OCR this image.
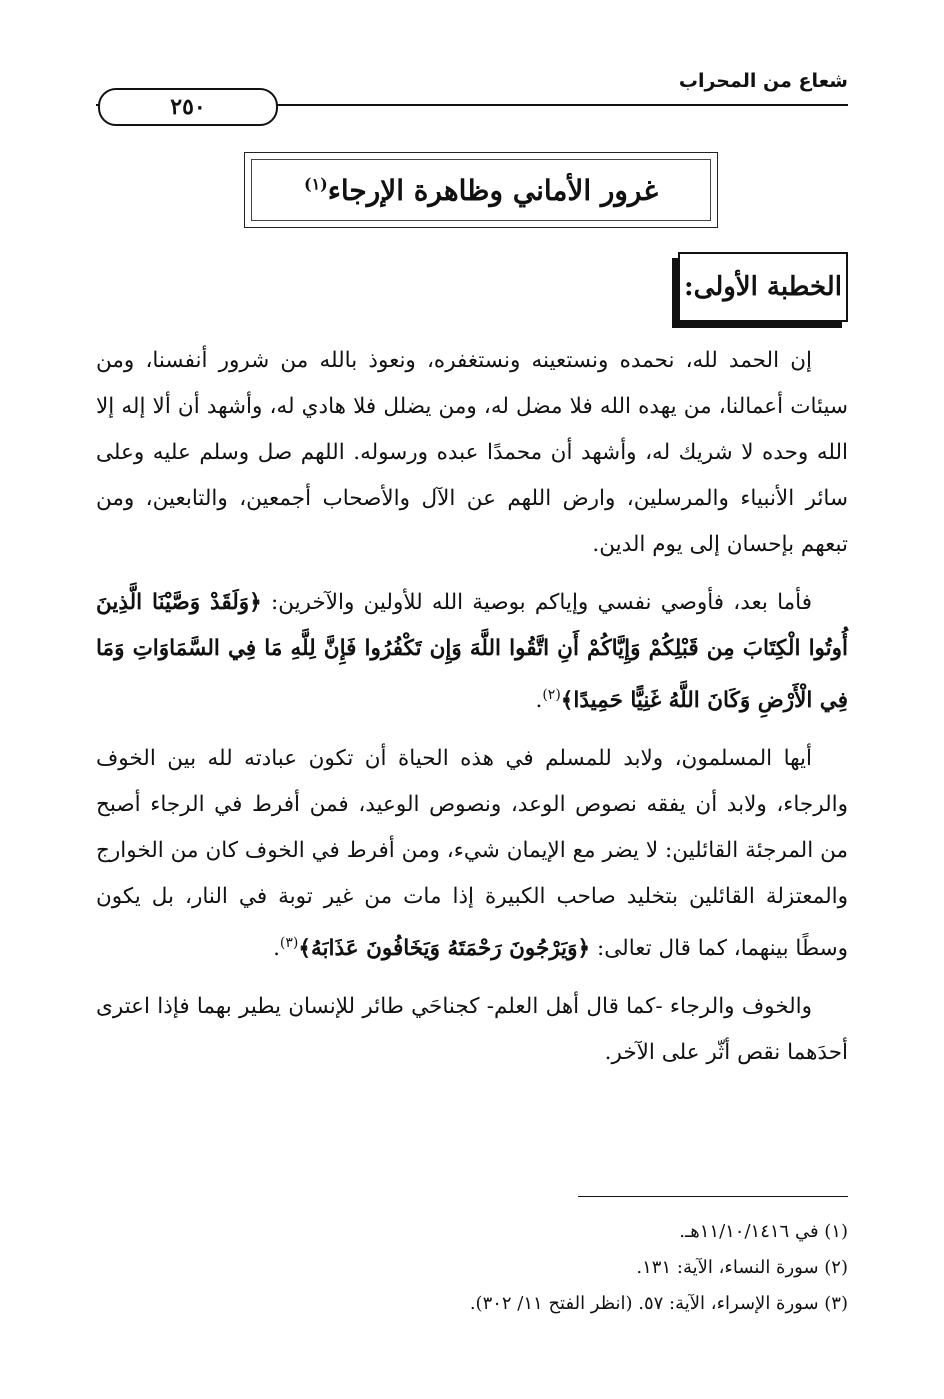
شعاع من المحراب
٢٥٠
غرور الأماني وظاهرة الإرجاء$^{(١)}$
الخطبة الأولى:

إن الحمد لله، نحمده ونستعينه ونستغفره، ونعوذ بالله من شرور أنفسنا، ومن سيئات أعمالنا، من يهده الله فلا مضل له، ومن يضلل فلا هادي له، وأشهد أن ألا إله إلا الله وحده لا شريك له، وأشهد أن محمدًا عبده ورسوله. اللهم صل وسلم عليه وعلى سائر الأنبياء والمرسلين، وارض اللهم عن الآل والأصحاب أجمعين، والتابعين، ومن تبعهم بإحسان إلى يوم الدين.

فأما بعد، فأوصي نفسي وإياكم بوصية الله للأولين والآخرين: ﴿وَلَقَدْ وَصَّيْنَا الَّذِينَ أُوتُوا الْكِتَابَ مِن قَبْلِكُمْ وَإِيَّاكُمْ أَنِ اتَّقُوا اللَّهَ وَإِن تَكْفُرُوا فَإِنَّ لِلَّهِ مَا فِي السَّمَاوَاتِ وَمَا فِي الْأَرْضِ وَكَانَ اللَّهُ غَنِيًّا حَمِيدًا﴾$^{(٢)}$.

أيها المسلمون، ولابد للمسلم في هذه الحياة أن تكون عبادته لله بين الخوف والرجاء، ولابد أن يفقه نصوص الوعد، ونصوص الوعيد، فمن أفرط في الرجاء أصبح من المرجئة القائلين: لا يضر مع الإيمان شيء، ومن أفرط في الخوف كان من الخوارج والمعتزلة القائلين بتخليد صاحب الكبيرة إذا مات من غير توبة في النار، بل يكون وسطًا بينهما، كما قال تعالى: ﴿وَيَرْجُونَ رَحْمَتَهُ وَيَخَافُونَ عَذَابَهُ﴾$^{(٣)}$.

والخوف والرجاء -كما قال أهل العلم- كجناحَي طائر للإنسان يطير بهما فإذا اعترى أحدَهما نقص أثّر على الآخر.

(١) في ١١/١٠/١٤١٦هـ.
(٢) سورة النساء، الآية: ١٣١.
(٣) سورة الإسراء، الآية: ٥٧. (انظر الفتح ١١/ ٣٠٢).
